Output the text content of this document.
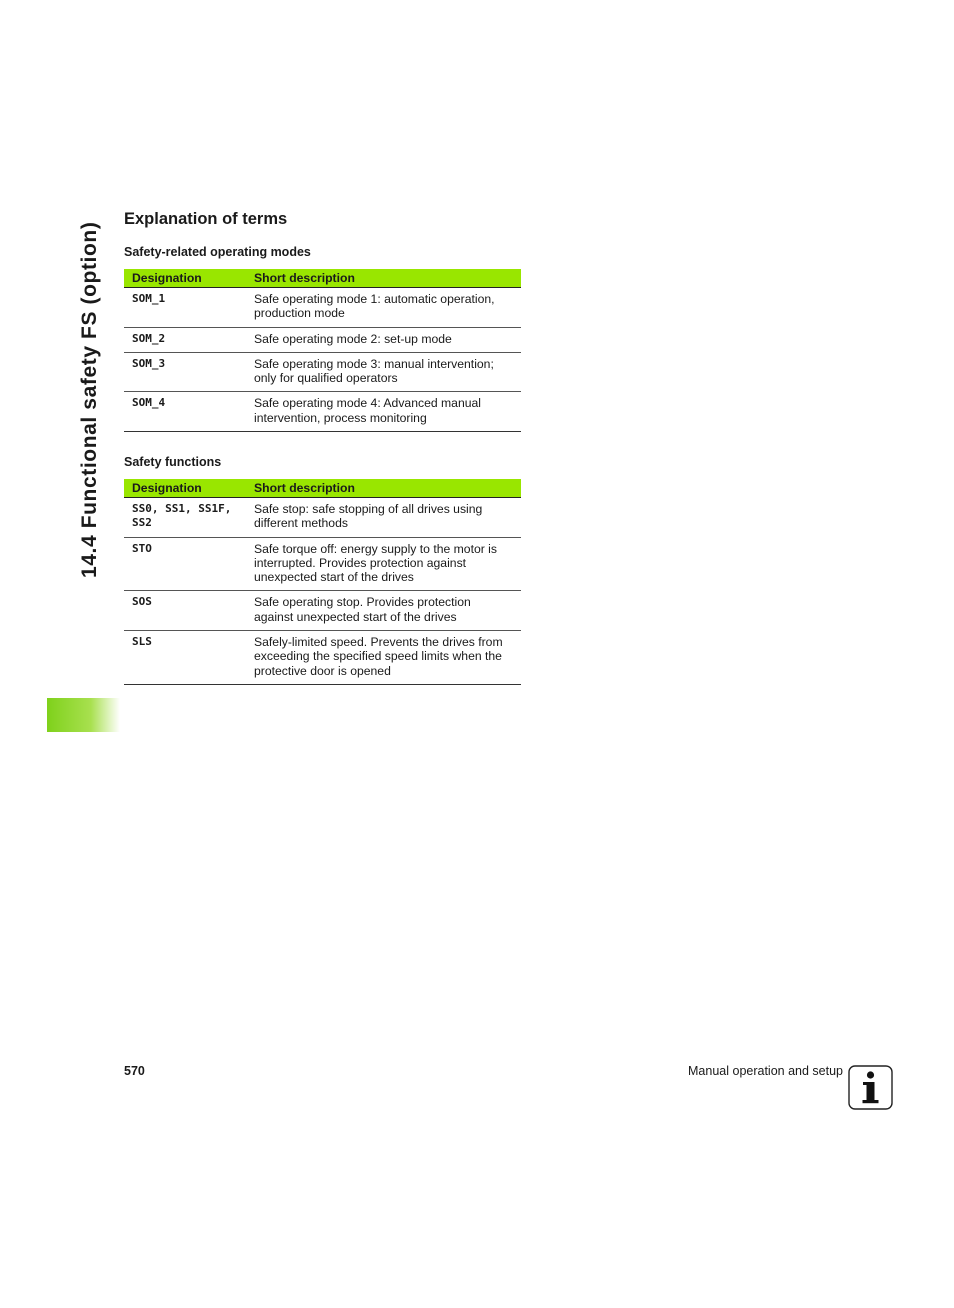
14.4 Functional safety FS (option)
Explanation of terms
Safety-related operating modes
Designation	Short description
SOM_1	Safe operating mode 1: automatic operation, production mode
SOM_2	Safe operating mode 2: set-up mode
SOM_3	Safe operating mode 3: manual intervention; only for qualified operators
SOM_4	Safe operating mode 4: Advanced manual intervention, process monitoring
Safety functions
Designation	Short description
SS0, SS1, SS1F, SS2	Safe stop: safe stopping of all drives using different methods
STO	Safe torque off: energy supply to the motor is interrupted. Provides protection against unexpected start of the drives
SOS	Safe operating stop. Provides protection against unexpected start of the drives
SLS	Safely-limited speed. Prevents the drives from exceeding the specified speed limits when the protective door is opened
570	Manual operation and setup
